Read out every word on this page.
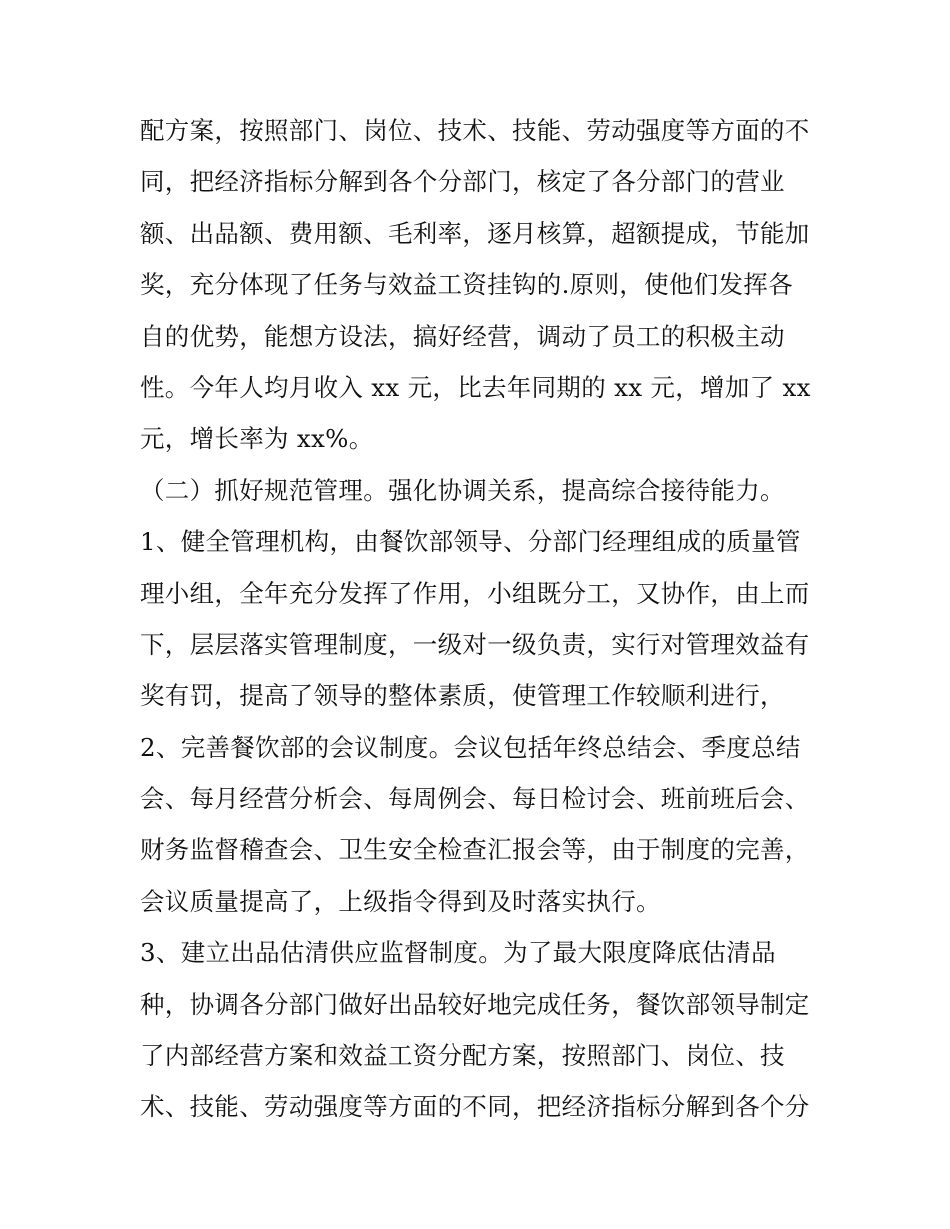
配方案，按照部门、岗位、技术、技能、劳动强度等方面的不
同，把经济指标分解到各个分部门，核定了各分部门的营业
额、出品额、费用额、毛利率，逐月核算，超额提成，节能加
奖，充分体现了任务与效益工资挂钩的.原则，使他们发挥各
自的优势，能想方设法，搞好经营，调动了员工的积极主动
性。今年人均月收入 xx 元，比去年同期的 xx 元，增加了 xx
元，增长率为 xx%。
（二）抓好规范管理。强化协调关系，提高综合接待能力。
1、健全管理机构，由餐饮部领导、分部门经理组成的质量管
理小组，全年充分发挥了作用，小组既分工，又协作，由上而
下，层层落实管理制度，一级对一级负责，实行对管理效益有
奖有罚，提高了领导的整体素质，使管理工作较顺利进行，
2、完善餐饮部的会议制度。会议包括年终总结会、季度总结
会、每月经营分析会、每周例会、每日检讨会、班前班后会、
财务监督稽查会、卫生安全检查汇报会等，由于制度的完善，
会议质量提高了，上级指令得到及时落实执行。
3、建立出品估清供应监督制度。为了最大限度降底估清品
种，协调各分部门做好出品较好地完成任务，餐饮部领导制定
了内部经营方案和效益工资分配方案，按照部门、岗位、技
术、技能、劳动强度等方面的不同，把经济指标分解到各个分
